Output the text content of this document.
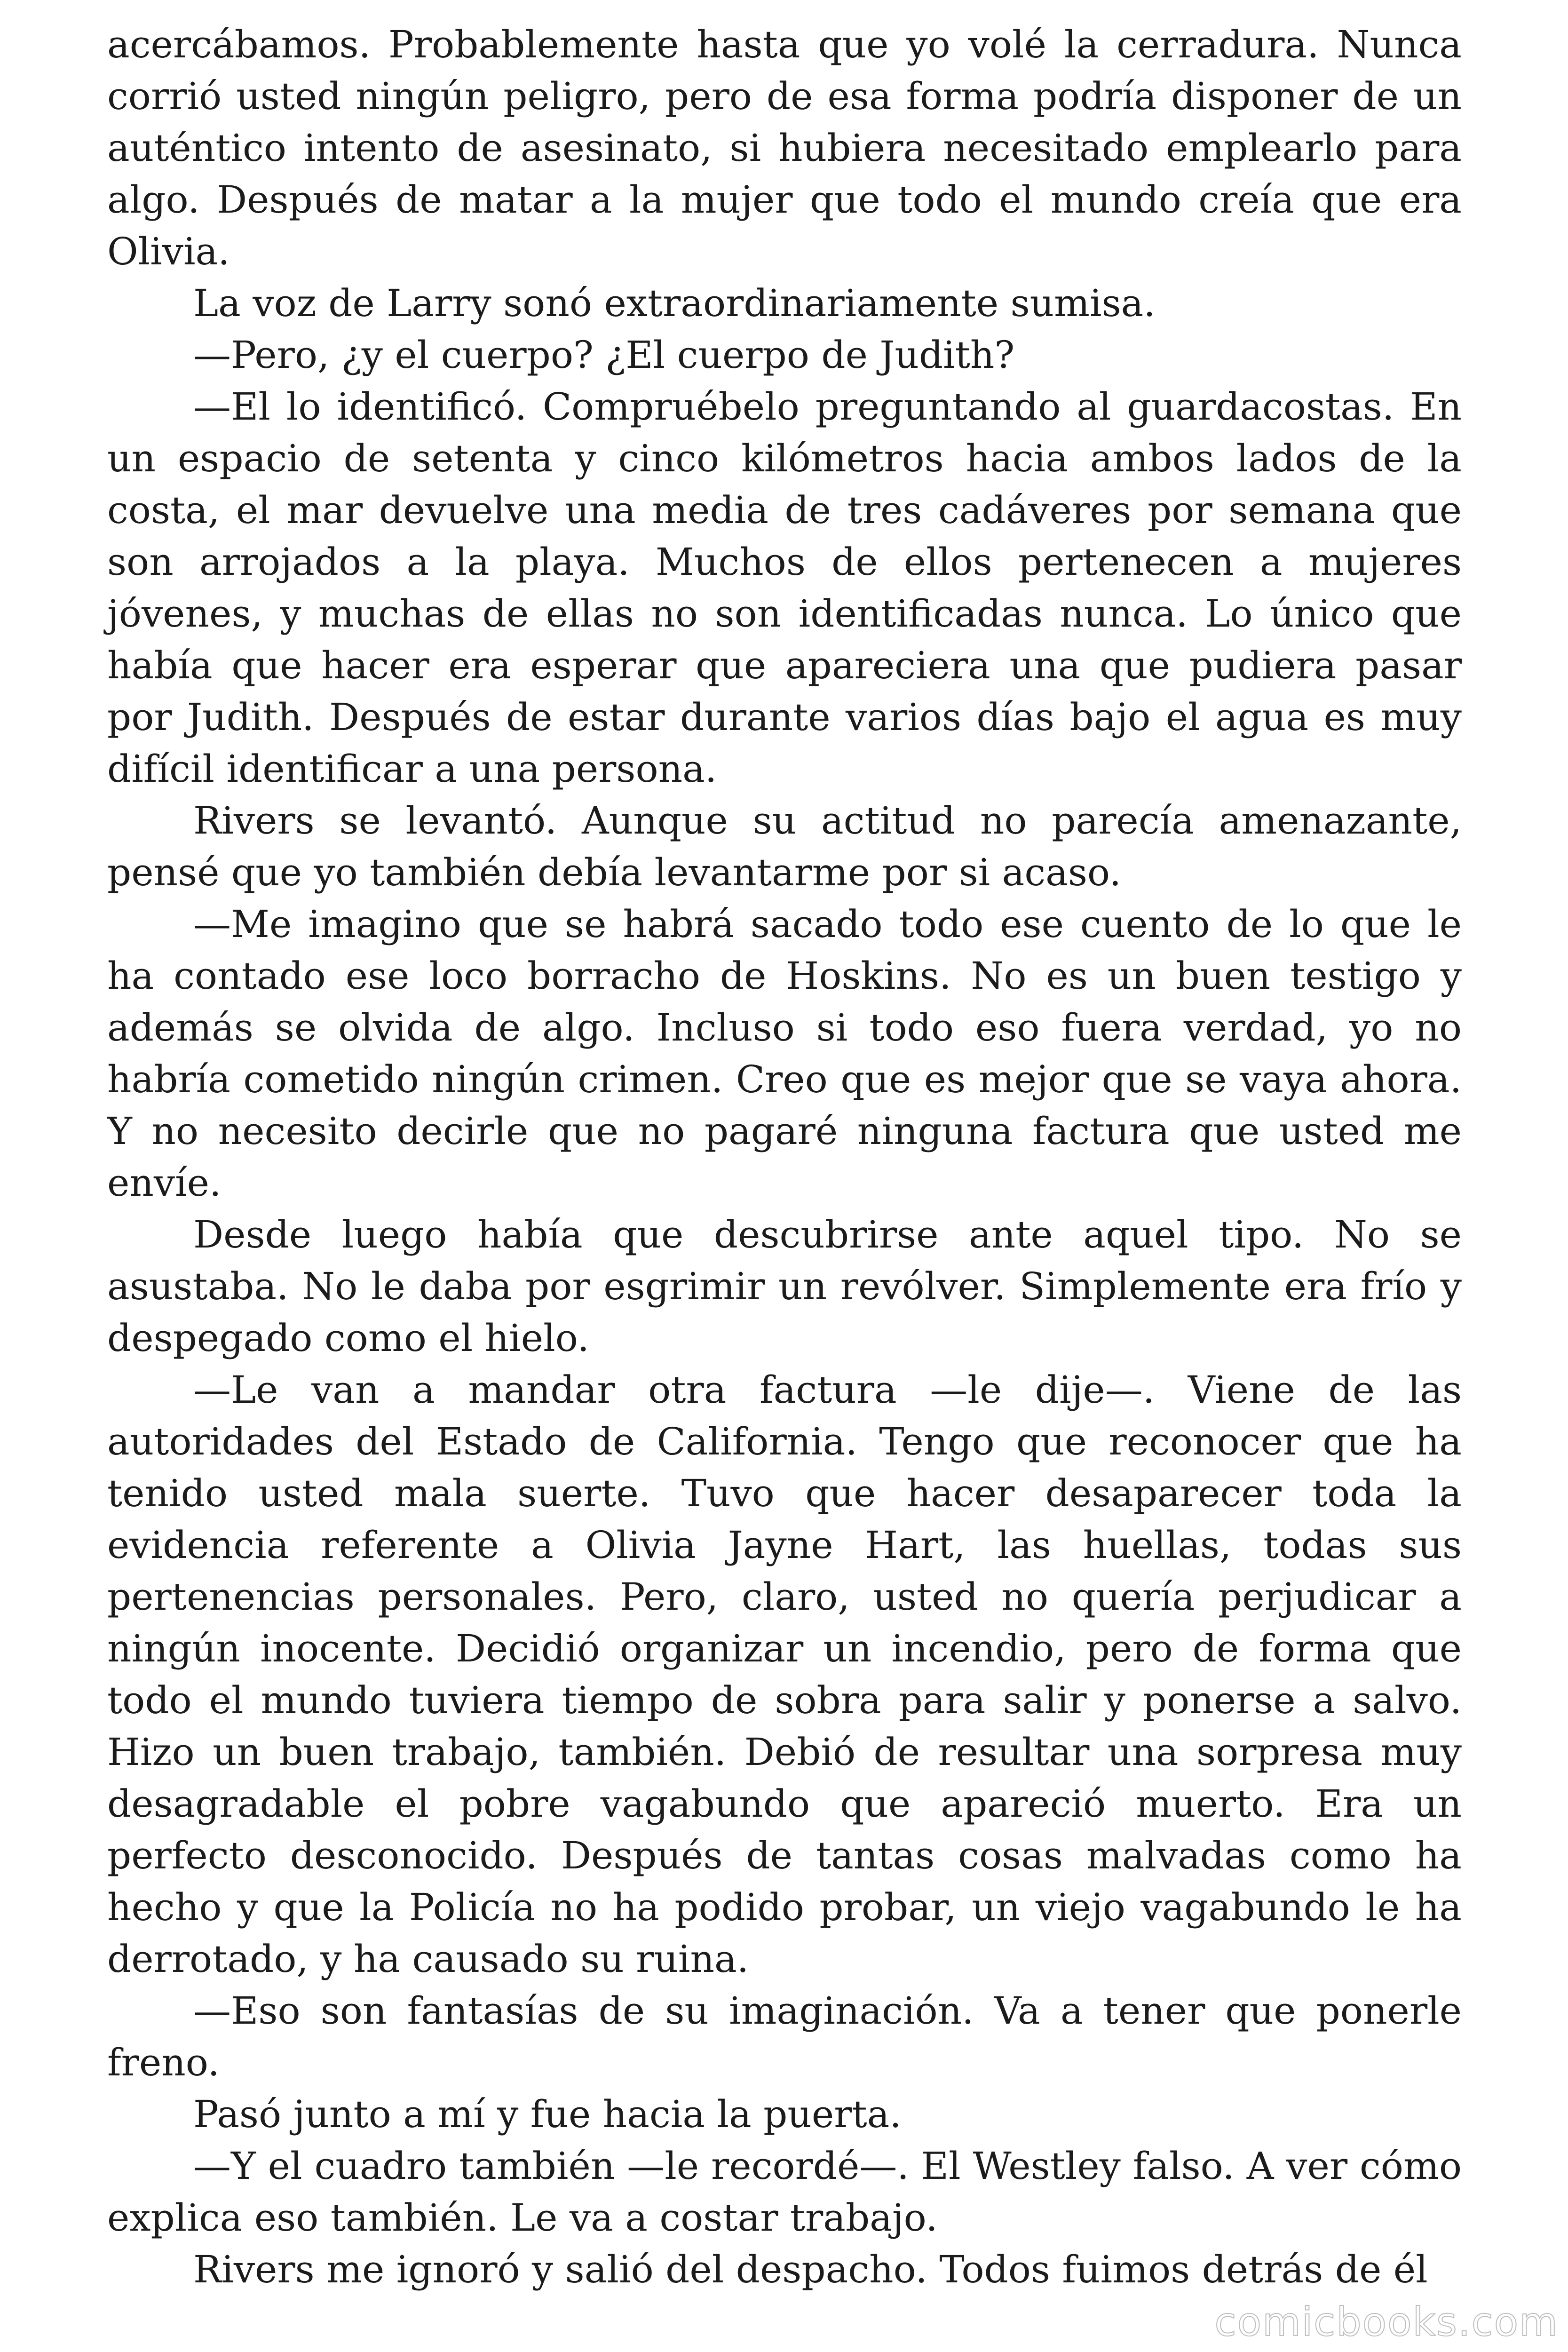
acercábamos. Probablemente hasta que yo volé la cerradura. Nunca corrió usted ningún peligro, pero de esa forma podría disponer de un auténtico intento de asesinato, si hubiera necesitado emplearlo para algo. Después de matar a la mujer que todo el mundo creía que era Olivia.

La voz de Larry sonó extraordinariamente sumisa.

—Pero, ¿y el cuerpo? ¿El cuerpo de Judith?

—El lo identificó. Compruébelo preguntando al guardacostas. En un espacio de setenta y cinco kilómetros hacia ambos lados de la costa, el mar devuelve una media de tres cadáveres por semana que son arrojados a la playa. Muchos de ellos pertenecen a mujeres jóvenes, y muchas de ellas no son identificadas nunca. Lo único que había que hacer era esperar que apareciera una que pudiera pasar por Judith. Después de estar durante varios días bajo el agua es muy difícil identificar a una persona.

Rivers se levantó. Aunque su actitud no parecía amenazante, pensé que yo también debía levantarme por si acaso.

—Me imagino que se habrá sacado todo ese cuento de lo que le ha contado ese loco borracho de Hoskins. No es un buen testigo y además se olvida de algo. Incluso si todo eso fuera verdad, yo no habría cometido ningún crimen. Creo que es mejor que se vaya ahora. Y no necesito decirle que no pagaré ninguna factura que usted me envíe.

Desde luego había que descubrirse ante aquel tipo. No se asustaba. No le daba por esgrimir un revólver. Simplemente era frío y despegado como el hielo.

—Le van a mandar otra factura —le dije—. Viene de las autoridades del Estado de California. Tengo que reconocer que ha tenido usted mala suerte. Tuvo que hacer desaparecer toda la evidencia referente a Olivia Jayne Hart, las huellas, todas sus pertenencias personales. Pero, claro, usted no quería perjudicar a ningún inocente. Decidió organizar un incendio, pero de forma que todo el mundo tuviera tiempo de sobra para salir y ponerse a salvo. Hizo un buen trabajo, también. Debió de resultar una sorpresa muy desagradable el pobre vagabundo que apareció muerto. Era un perfecto desconocido. Después de tantas cosas malvadas como ha hecho y que la Policía no ha podido probar, un viejo vagabundo le ha derrotado, y ha causado su ruina.

—Eso son fantasías de su imaginación. Va a tener que ponerle freno.

Pasó junto a mí y fue hacia la puerta.

—Y el cuadro también —le recordé—. El Westley falso. A ver cómo explica eso también. Le va a costar trabajo.

Rivers me ignoró y salió del despacho. Todos fuimos detrás de él

comicbooks.com
